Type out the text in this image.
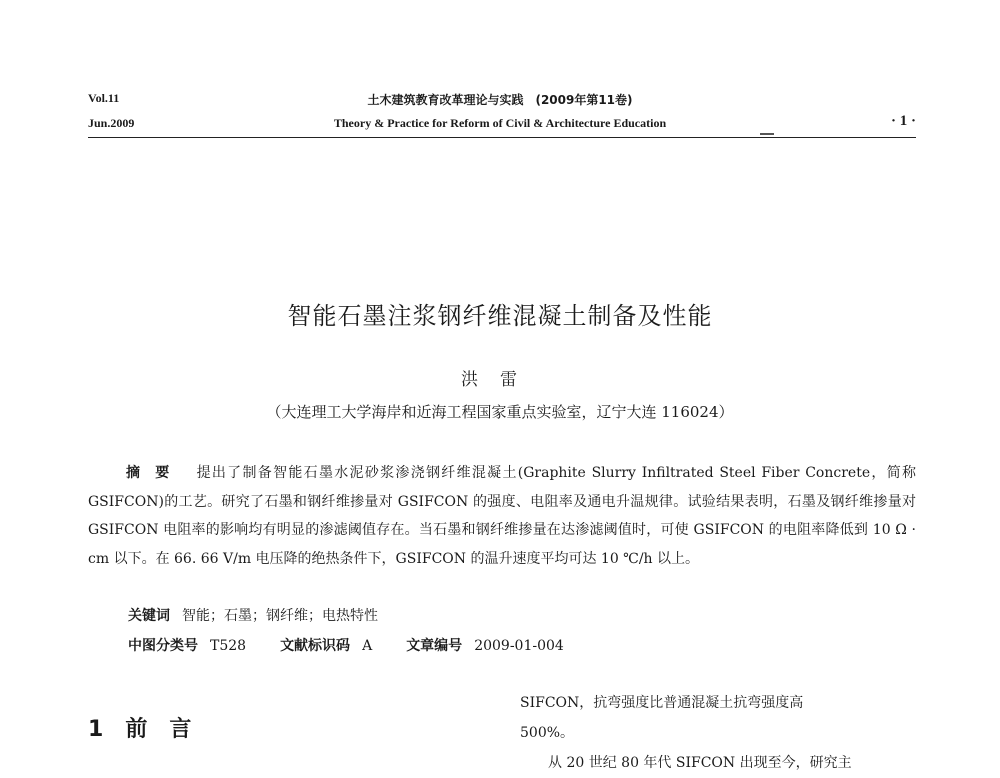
Vol.11
Jun.2009
土木建筑教育改革理论与实践　(2009年第11卷)
Theory & Practice for Reform of Civil & Architecture Education	· 1 ·
智能石墨注浆钢纤维混凝土制备及性能
洪雷
（大连理工大学海岸和近海工程国家重点实验室，辽宁大连 116024）
摘要 提出了制备智能石墨水泥砂浆渗浇钢纤维混凝土(Graphite Slurry Infiltrated Steel Fiber Concrete，简称 GSIFCON)的工艺。研究了石墨和钢纤维掺量对 GSIFCON 的强度、电阻率及通电升温规律。试验结果表明，石墨及钢纤维掺量对 GSIFCON 电阻率的影响均有明显的渗滤阈值存在。当石墨和钢纤维掺量在达渗滤阈值时，可使 GSIFCON 的电阻率降低到 10 Ω · cm 以下。在 66. 66 V/m 电压降的绝热条件下，GSIFCON 的温升速度平均可达 10 ℃/h 以上。
关键词 智能；石墨；钢纤维；电热特性
中图分类号 T528 文献标识码 A 文章编号 2009-01-004
1 前言

SIFCON，抗弯强度比普通混凝土抗弯强度高

500%。

从 20 世纪 80 年代 SIFCON 出现至今，研究主
